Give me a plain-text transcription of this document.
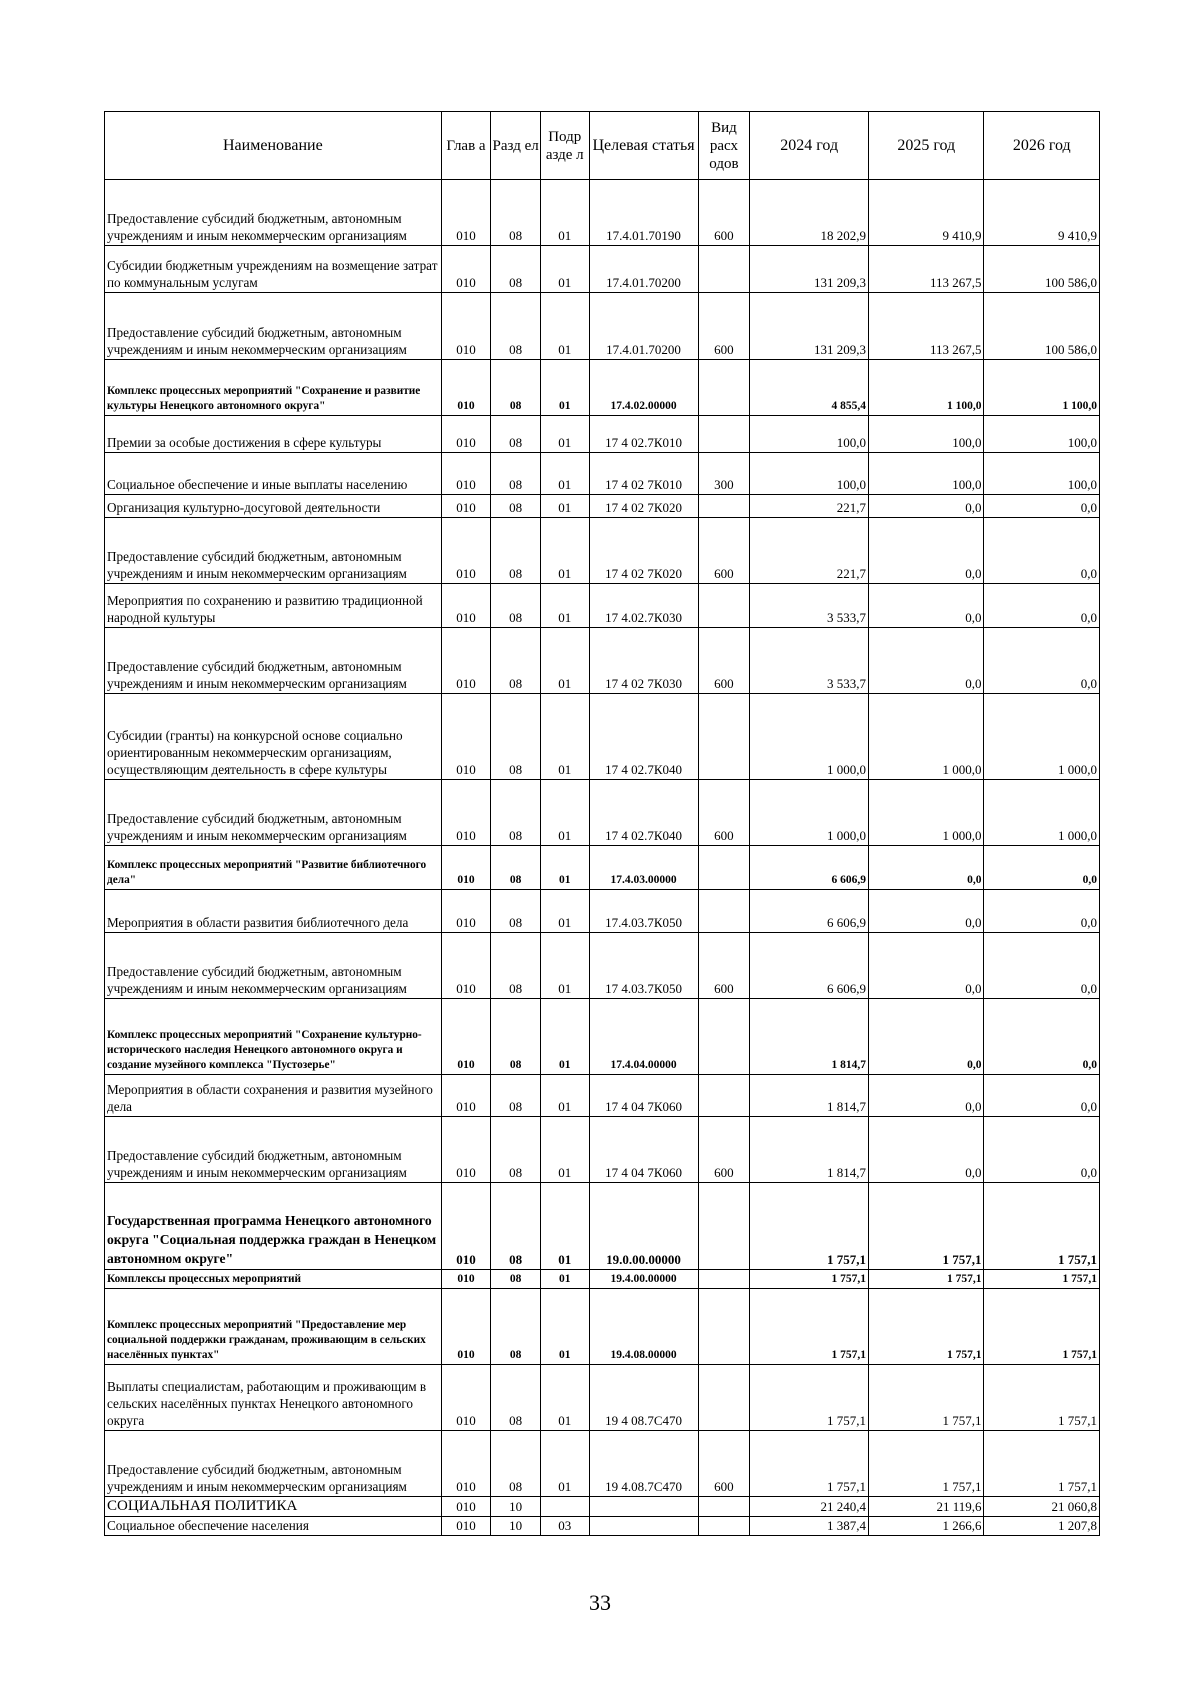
Наименование	Глав а	Разд ел	Подр азде л	Целевая статья	Вид расх одов	2024 год	2025 год	2026 год
Предоставление субсидий бюджетным, автономным учреждениям и иным некоммерческим организациям	010	08	01	17.4.01.70190	600	18 202,9	9 410,9	9 410,9
Субсидии бюджетным учреждениям на возмещение затрат по коммунальным услугам	010	08	01	17.4.01.70200		131 209,3	113 267,5	100 586,0
Предоставление субсидий бюджетным, автономным учреждениям и иным некоммерческим организациям	010	08	01	17.4.01.70200	600	131 209,3	113 267,5	100 586,0
Комплекс процессных мероприятий "Сохранение и развитие культуры Ненецкого автономного округа"	010	08	01	17.4.02.00000		4 855,4	1 100,0	1 100,0
Премии за особые достижения в сфере культуры	010	08	01	17 4 02.7К010		100,0	100,0	100,0
Социальное обеспечение и иные выплаты населению	010	08	01	17 4 02 7К010	300	100,0	100,0	100,0
Организация культурно-досуговой деятельности	010	08	01	17 4 02 7К020		221,7	0,0	0,0
Предоставление субсидий бюджетным, автономным учреждениям и иным некоммерческим организациям	010	08	01	17 4 02 7К020	600	221,7	0,0	0,0
Мероприятия по сохранению и развитию традиционной народной культуры	010	08	01	17 4.02.7К030		3 533,7	0,0	0,0
Предоставление субсидий бюджетным, автономным учреждениям и иным некоммерческим организациям	010	08	01	17 4 02 7К030	600	3 533,7	0,0	0,0
Субсидии (гранты) на конкурсной основе социально ориентированным некоммерческим организациям, осуществляющим деятельность в сфере культуры	010	08	01	17 4 02.7К040		1 000,0	1 000,0	1 000,0
Предоставление субсидий бюджетным, автономным учреждениям и иным некоммерческим организациям	010	08	01	17 4 02.7К040	600	1 000,0	1 000,0	1 000,0
Комплекс процессных мероприятий "Развитие библиотечного дела"	010	08	01	17.4.03.00000		6 606,9	0,0	0,0
Мероприятия в области развития библиотечного дела	010	08	01	17.4.03.7К050		6 606,9	0,0	0,0
Предоставление субсидий бюджетным, автономным учреждениям и иным некоммерческим организациям	010	08	01	17 4.03.7К050	600	6 606,9	0,0	0,0
Комплекс процессных мероприятий "Сохранение культурно-исторического наследия Ненецкого автономного округа и создание музейного комплекса "Пустозерье"	010	08	01	17.4.04.00000		1 814,7	0,0	0,0
Мероприятия в области сохранения и развития музейного дела	010	08	01	17 4 04 7К060		1 814,7	0,0	0,0
Предоставление субсидий бюджетным, автономным учреждениям и иным некоммерческим организациям	010	08	01	17 4 04 7К060	600	1 814,7	0,0	0,0
Государственная программа Ненецкого автономного округа "Социальная поддержка граждан в Ненецком автономном округе"	010	08	01	19.0.00.00000		1 757,1	1 757,1	1 757,1
Комплексы процессных мероприятий	010	08	01	19.4.00.00000		1 757,1	1 757,1	1 757,1
Комплекс процессных мероприятий "Предоставление мер социальной поддержки гражданам, проживающим в сельских населённых пунктах"	010	08	01	19.4.08.00000		1 757,1	1 757,1	1 757,1
Выплаты специалистам, работающим и проживающим в сельских населённых пунктах Ненецкого автономного округа	010	08	01	19 4 08.7С470		1 757,1	1 757,1	1 757,1
Предоставление субсидий бюджетным, автономным учреждениям и иным некоммерческим организациям	010	08	01	19 4.08.7С470	600	1 757,1	1 757,1	1 757,1
СОЦИАЛЬНАЯ ПОЛИТИКА	010	10				21 240,4	21 119,6	21 060,8
Социальное обеспечение населения	010	10	03			1 387,4	1 266,6	1 207,8
33
